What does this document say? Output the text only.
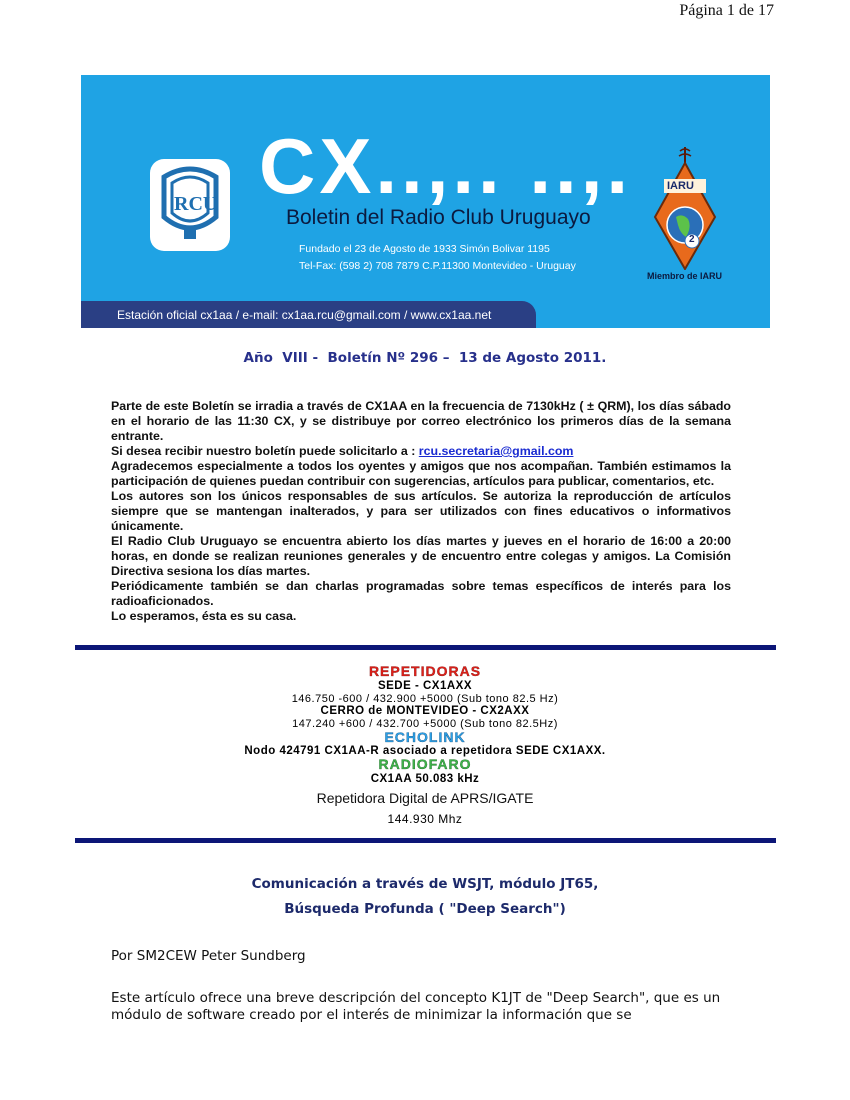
Página 1 de 17
RCU CX..,.. ..,.
Boletin del Radio Club Uruguayo
Fundado el 23 de Agosto de 1933 Simón Bolivar 1195
Tel-Fax: (598 2) 708 7879 C.P.11300 Montevideo - Uruguay
IARU
2
Miembro de IARU
Estación oficial cx1aa / e-mail: cx1aa.rcu@gmail.com / www.cx1aa.net
Año  VIII -  Boletín Nº 296 –  13 de Agosto 2011.

Parte de este Boletín se irradia a través de CX1AA en la frecuencia de 7130kHz ( ± QRM), los días sábado en el horario de las 11:30 CX, y se distribuye por correo electrónico los primeros días de la semana entrante.

Si desea recibir nuestro boletín puede solicitarlo a : rcu.secretaria@gmail.com

Agradecemos especialmente a todos los oyentes y amigos que nos acompañan. También estimamos la participación de quienes puedan contribuir con sugerencias, artículos para publicar, comentarios, etc.

Los autores son los únicos responsables de sus artículos. Se autoriza la reproducción de artículos siempre que se mantengan inalterados, y para ser utilizados con fines educativos o informativos únicamente.

El Radio Club Uruguayo se encuentra abierto los días martes y jueves en el horario de 16:00 a 20:00 horas, en donde se realizan reuniones generales y de encuentro entre colegas y amigos. La Comisión Directiva sesiona los días martes.

Periódicamente también se dan charlas programadas sobre temas específicos de interés para los radioaficionados.

Lo esperamos, ésta es su casa.

REPETIDORAS
SEDE - CX1AXX
146.750 -600 / 432.900 +5000 (Sub tono 82.5 Hz)
CERRO de MONTEVIDEO - CX2AXX
147.240 +600 / 432.700 +5000 (Sub tono 82.5Hz)
ECHOLINK
Nodo 424791 CX1AA-R asociado a repetidora SEDE CX1AXX.
RADIOFARO
CX1AA 50.083 kHz
Repetidora Digital de APRS/IGATE
144.930 Mhz
Comunicación a través de WSJT, módulo JT65,
Búsqueda Profunda ( "Deep Search")
Por SM2CEW Peter Sundberg
Este artículo ofrece una breve descripción del concepto K1JT de "Deep Search", que es un módulo de software creado por el interés de minimizar la información que se
